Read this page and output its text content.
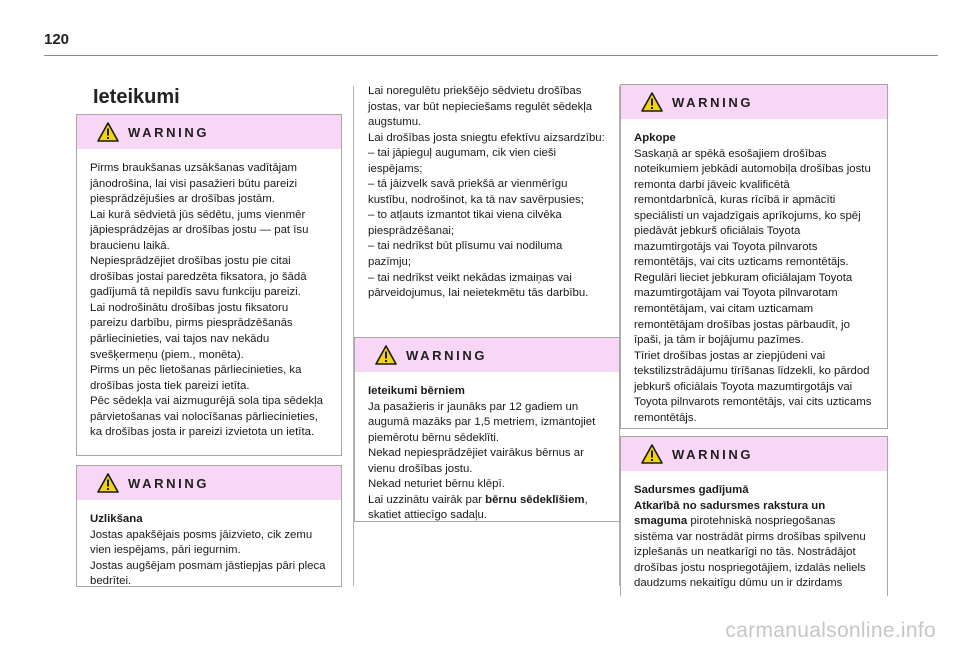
120
Ieteikumi
WARNING

Pirms braukšanas uzsākšanas vadītājam jānodrošina, lai visi pasažieri būtu pareizi piesprādzējušies ar drošības jostām.
Lai kurā sēdvietā jūs sēdētu, jums vienmēr jāpiesprādzējas ar drošības jostu — pat īsu braucienu laikā.
Nepiesprādzējiet drošības jostu pie citai drošības jostai paredzēta fiksatora, jo šādā gadījumā tā nepildīs savu funkciju pareizi.
Lai nodrošinātu drošības jostu fiksatoru pareizu darbību, pirms piesprādzēšanās pārliecinieties, vai tajos nav nekādu svešķermeņu (piem., monēta).
Pirms un pēc lietošanas pārliecinieties, ka drošības josta tiek pareizi ietīta.
Pēc sēdekļa vai aizmugurējā sola tipa sēdekļa pārvietošanas vai nolocīšanas pārliecinieties, ka drošības josta ir pareizi izvietota un ietīta.

WARNING

Uzlikšana

Jostas apakšējais posms jāizvieto, cik zemu vien iespējams, pāri iegurnim.
Jostas augšējam posmam jāstiepjas pāri pleca bedrītei.

Lai noregulētu priekšējo sēdvietu drošības jostas, var būt nepieciešams regulēt sēdekļa augstumu.
Lai drošības josta sniegtu efektīvu aizsardzību:
– tai jāpieguļ augumam, cik vien cieši iespējams;
– tā jāizvelk savā priekšā ar vienmērīgu kustību, nodrošinot, ka tā nav savērpusies;
– to atļauts izmantot tikai viena cilvēka piesprādzēšanai;
– tai nedrīkst būt plīsumu vai nodiluma pazīmju;
– tai nedrīkst veikt nekādas izmaiņas vai pārveidojumus, lai neietekmētu tās darbību.

WARNING

Ieteikumi bērniem

Ja pasažieris ir jaunāks par 12 gadiem un augumā mazāks par 1,5 metriem, izmantojiet piemērotu bērnu sēdeklīti.
Nekad nepiesprādzējiet vairākus bērnus ar vienu drošības jostu.
Nekad neturiet bērnu klēpī.

Lai uzzinātu vairāk par bērnu sēdeklīšiem, skatiet attiecīgo sadaļu.

WARNING

Apkope

Saskaņā ar spēkā esošajiem drošības noteikumiem jebkādi automobiļa drošības jostu remonta darbi jāveic kvalificētā remontdarbnīcā, kuras rīcībā ir apmācīti speciālisti un vajadzīgais aprīkojums, ko spēj piedāvāt jebkurš oficiālais Toyota mazumtirgotājs vai Toyota pilnvarots remontētājs, vai cits uzticams remontētājs.
Regulāri lieciet jebkuram oficiālajam Toyota mazumtirgotājam vai Toyota pilnvarotam remontētājam, vai citam uzticamam remontētājam drošības jostas pārbaudīt, jo īpaši, ja tām ir bojājumu pazīmes.
Tīriet drošības jostas ar ziepjūdeni vai tekstilizstrādājumu tīrīšanas līdzekli, ko pārdod jebkurš oficiālais Toyota mazumtirgotājs vai Toyota pilnvarots remontētājs, vai cits uzticams remontētājs.

WARNING

Sadursmes gadījumā

Atkarībā no sadursmes rakstura un smaguma pirotehniskā nospriegošanas sistēma var nostrādāt pirms drošības spilvenu izplešanās un neatkarīgi no tās. Nostrādājot drošības jostu nospriegotājiem, izdalās neliels daudzums nekaitīgu dūmu un ir dzirdams

carmanualsonline.info
